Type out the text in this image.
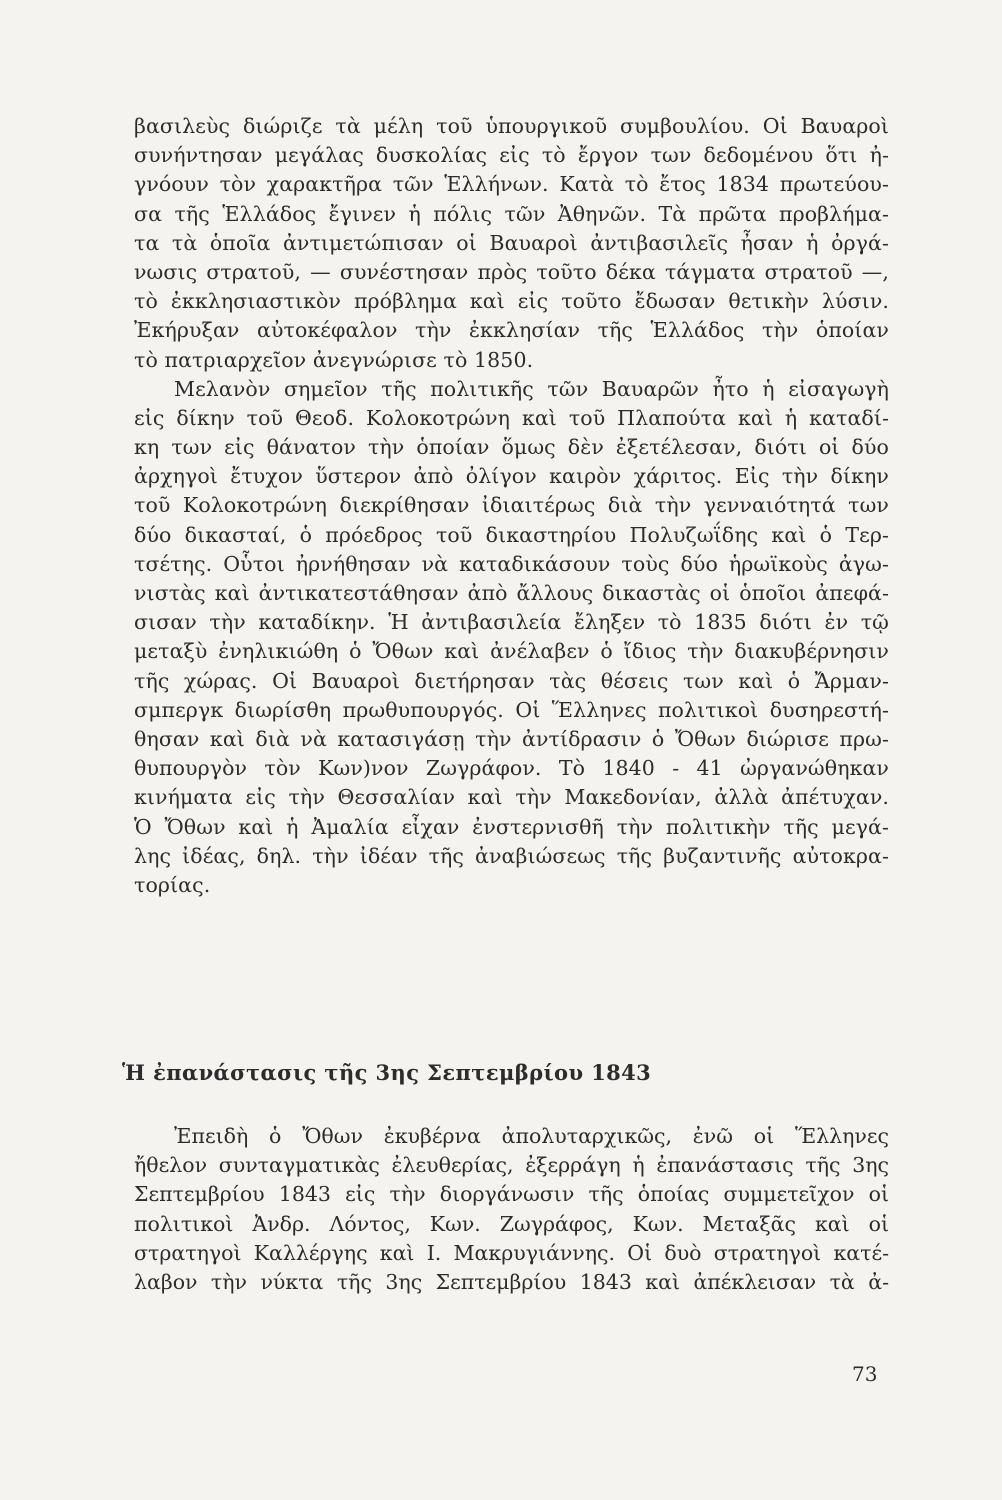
βασιλεὺς διώριζε τὰ μέλη τοῦ ὑπουργικοῦ συμβουλίου. Οἱ Βαυαροὶ
συνήντησαν μεγάλας δυσκολίας εἰς τὸ ἔργον των δεδομένου ὅτι ἠ-
γνόουν τὸν χαρακτῆρα τῶν Ἑλλήνων. Κατὰ τὸ ἔτος 1834 πρωτεύου-
σα τῆς Ἑλλάδος ἔγινεν ἡ πόλις τῶν Ἀθηνῶν. Τὰ πρῶτα προβλήμα-
τα τὰ ὁποῖα ἀντιμετώπισαν οἱ Βαυαροὶ ἀντιβασιλεῖς ἦσαν ἡ ὀργά-
νωσις στρατοῦ, — συνέστησαν πρὸς τοῦτο δέκα τάγματα στρατοῦ —,
τὸ ἐκκλησιαστικὸν πρόβλημα καὶ εἰς τοῦτο ἔδωσαν θετικὴν λύσιν.
Ἐκήρυξαν αὐτοκέφαλον τὴν ἐκκλησίαν τῆς Ἑλλάδος τὴν ὁποίαν
τὸ πατριαρχεῖον ἀνεγνώρισε τὸ 1850.
Μελανὸν σημεῖον τῆς πολιτικῆς τῶν Βαυαρῶν ἦτο ἡ εἰσαγωγὴ
εἰς δίκην τοῦ Θεοδ. Κολοκοτρώνη καὶ τοῦ Πλαπούτα καὶ ἡ καταδί-
κη των εἰς θάνατον τὴν ὁποίαν ὅμως δὲν ἐξετέλεσαν, διότι οἱ δύο
ἀρχηγοὶ ἔτυχον ὕστερον ἀπὸ ὀλίγον καιρὸν χάριτος. Εἰς τὴν δίκην
τοῦ Κολοκοτρώνη διεκρίθησαν ἰδιαιτέρως διὰ τὴν γενναιότητά των
δύο δικασταί, ὁ πρόεδρος τοῦ δικαστηρίου Πολυζωΐδης καὶ ὁ Τερ-
τσέτης. Οὗτοι ἠρνήθησαν νὰ καταδικάσουν τοὺς δύο ἡρωϊκοὺς ἀγω-
νιστὰς καὶ ἀντικατεστάθησαν ἀπὸ ἄλλους δικαστὰς οἱ ὁποῖοι ἀπεφά-
σισαν τὴν καταδίκην. Ἡ ἀντιβασιλεία ἔληξεν τὸ 1835 διότι ἐν τῷ
μεταξὺ ἐνηλικιώθη ὁ Ὄθων καὶ ἀνέλαβεν ὁ ἴδιος τὴν διακυβέρνησιν
τῆς χώρας. Οἱ Βαυαροὶ διετήρησαν τὰς θέσεις των καὶ ὁ Ἄρμαν-
σμπεργκ διωρίσθη πρωθυπουργός. Οἱ Ἕλληνες πολιτικοὶ δυσηρεστή-
θησαν καὶ διὰ νὰ κατασιγάσῃ τὴν ἀντίδρασιν ὁ Ὄθων διώρισε πρω-
θυπουργὸν τὸν Κων)νον Ζωγράφον. Τὸ 1840 - 41 ὠργανώθηκαν
κινήματα εἰς τὴν Θεσσαλίαν καὶ τὴν Μακεδονίαν, ἀλλὰ ἀπέτυχαν.
Ὁ Ὄθων καὶ ἡ Ἀμαλία εἶχαν ἐνστερνισθῆ τὴν πολιτικὴν τῆς μεγά-
λης ἰδέας, δηλ. τὴν ἰδέαν τῆς ἀναβιώσεως τῆς βυζαντινῆς αὐτοκρα-
τορίας.
Ἡ ἐπανάστασις τῆς 3ης Σεπτεμβρίου 1843
Ἐπειδὴ ὁ Ὄθων ἐκυβέρνα ἀπολυταρχικῶς, ἐνῶ οἱ Ἕλληνες
ἤθελον συνταγματικὰς ἐλευθερίας, ἐξερράγη ἡ ἐπανάστασις τῆς 3ης
Σεπτεμβρίου 1843 εἰς τὴν διοργάνωσιν τῆς ὁποίας συμμετεῖχον οἱ
πολιτικοὶ Ἀνδρ. Λόντος, Κων. Ζωγράφος, Κων. Μεταξᾶς καὶ οἱ
στρατηγοὶ Καλλέργης καὶ Ι. Μακρυγιάννης. Οἱ δυὸ στρατηγοὶ κατέ-
λαβον τὴν νύκτα τῆς 3ης Σεπτεμβρίου 1843 καὶ ἀπέκλεισαν τὰ ἀ-
73
